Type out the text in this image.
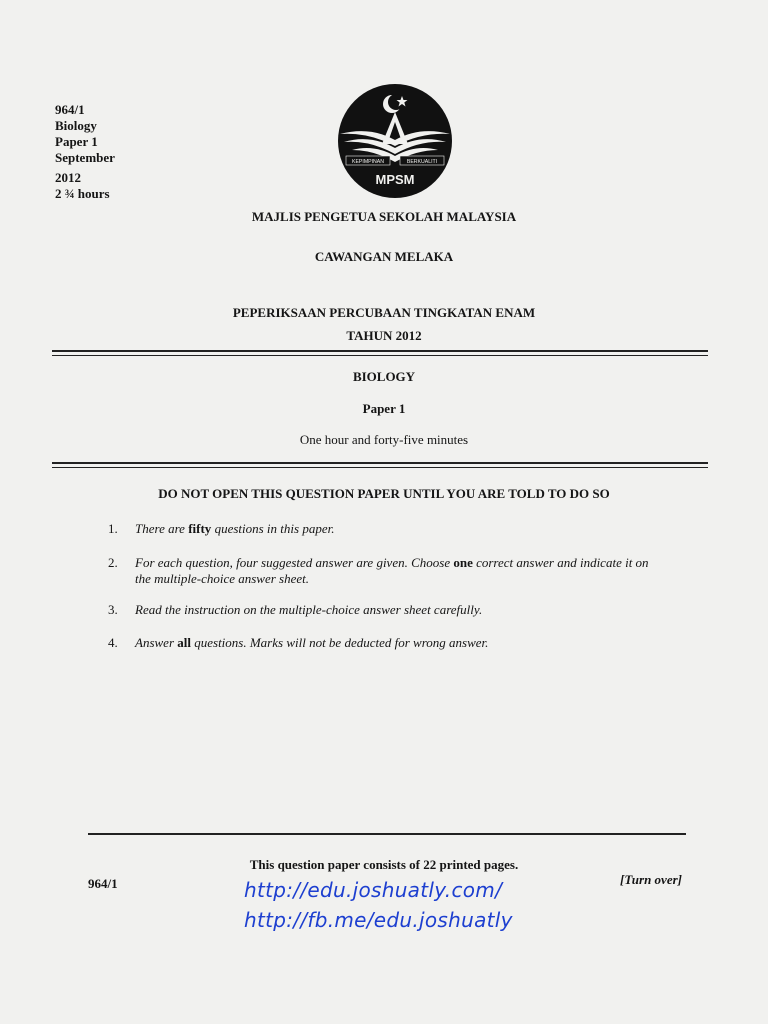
964/1
Biology
Paper 1
September
2012
2 ¾ hours
KEPIMPINAN	BERKUALITI
MPSM
MAJLIS PENGETUA SEKOLAH MALAYSIA
CAWANGAN MELAKA
PEPERIKSAAN PERCUBAAN TINGKATAN ENAM
TAHUN 2012
BIOLOGY
Paper 1
One hour and forty-five minutes
DO NOT OPEN THIS QUESTION PAPER UNTIL YOU ARE TOLD TO DO SO
1. There are fifty questions in this paper.
2. For each question, four suggested answer are given. Choose one correct answer and indicate it on the multiple-choice answer sheet.
3. Read the instruction on the multiple-choice answer sheet carefully.
4. Answer all questions. Marks will not be deducted for wrong answer.
This question paper consists of 22 printed pages.
964/1	[Turn over]
http://edu.joshuatly.com/
http://fb.me/edu.joshuatly
